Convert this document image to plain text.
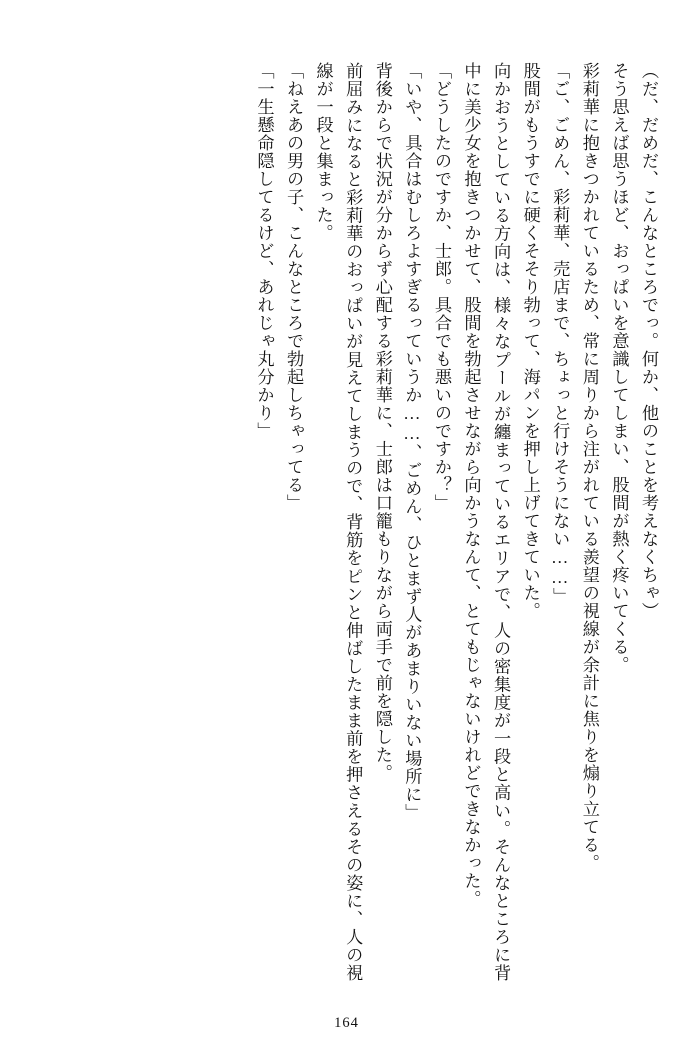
（だ、だめだ、こんなところでっ。何か、他のことを考えなくちゃ）

そう思えば思うほど、おっぱいを意識してしまい、股間が熱く疼いてくる。

彩莉華に抱きつかれているため、常に周りから注がれている羨望の視線が余計に焦りを煽り立てる。

「ご、ごめん、彩莉華、売店まで、ちょっと行けそうにない……」

股間がもうすでに硬くそそり勃って、海パンを押し上げてきていた。

向かおうとしている方向は、様々なプールが纏まっているエリアで、人の密集度が一段と高い。そんなところに背中に美少女を抱きつかせて、股間を勃起させながら向かうなんて、とてもじゃないけれどできなかった。

「どうしたのですか、士郎。具合でも悪いのですか？」

「いや、具合はむしろよすぎるっていうか……、ごめん、ひとまず人があまりいない場所に」

背後からで状況が分からず心配する彩莉華に、士郎は口籠もりながら両手で前を隠した。

前屈みになると彩莉華のおっぱいが見えてしまうので、背筋をピンと伸ばしたまま前を押さえるその姿に、人の視線が一段と集まった。

「ねえあの男の子、こんなところで勃起しちゃってる」

「一生懸命隠してるけど、あれじゃ丸分かり」

164
